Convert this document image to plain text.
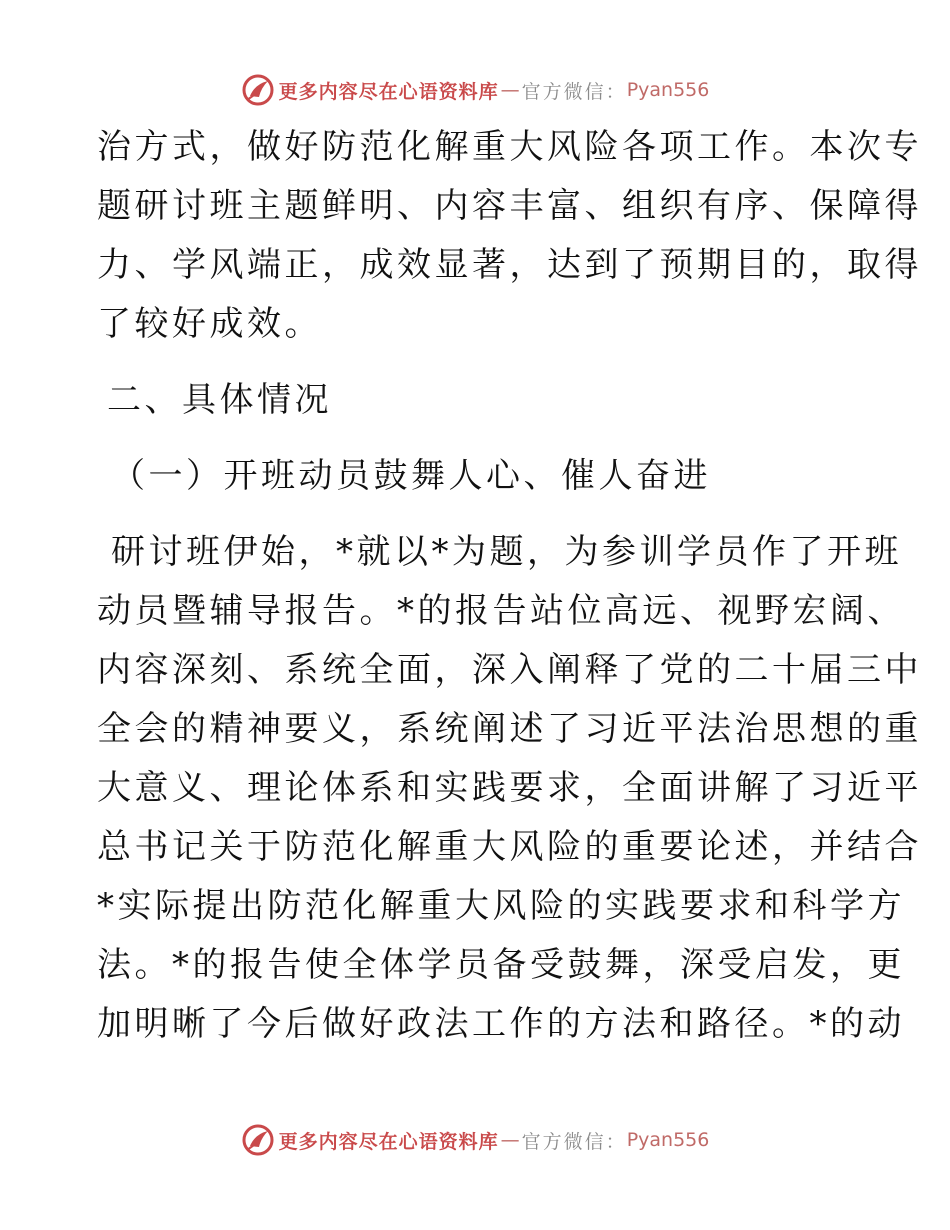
更多内容尽在心语资料库 — 官方微信： Pyan556
治方式，做好防范化解重大风险各项工作。本次专
题研讨班主题鲜明、内容丰富、组织有序、保障得
力、学风端正，成效显著，达到了预期目的，取得
了较好成效。
二、具体情况
（一）开班动员鼓舞人心、催人奋进
研讨班伊始，*就以*为题，为参训学员作了开班
动员暨辅导报告。*的报告站位高远、视野宏阔、
内容深刻、系统全面，深入阐释了党的二十届三中
全会的精神要义，系统阐述了习近平法治思想的重
大意义、理论体系和实践要求，全面讲解了习近平
总书记关于防范化解重大风险的重要论述，并结合
*实际提出防范化解重大风险的实践要求和科学方
法。*的报告使全体学员备受鼓舞，深受启发，更
加明晰了今后做好政法工作的方法和路径。*的动
更多内容尽在心语资料库 — 官方微信： Pyan556
